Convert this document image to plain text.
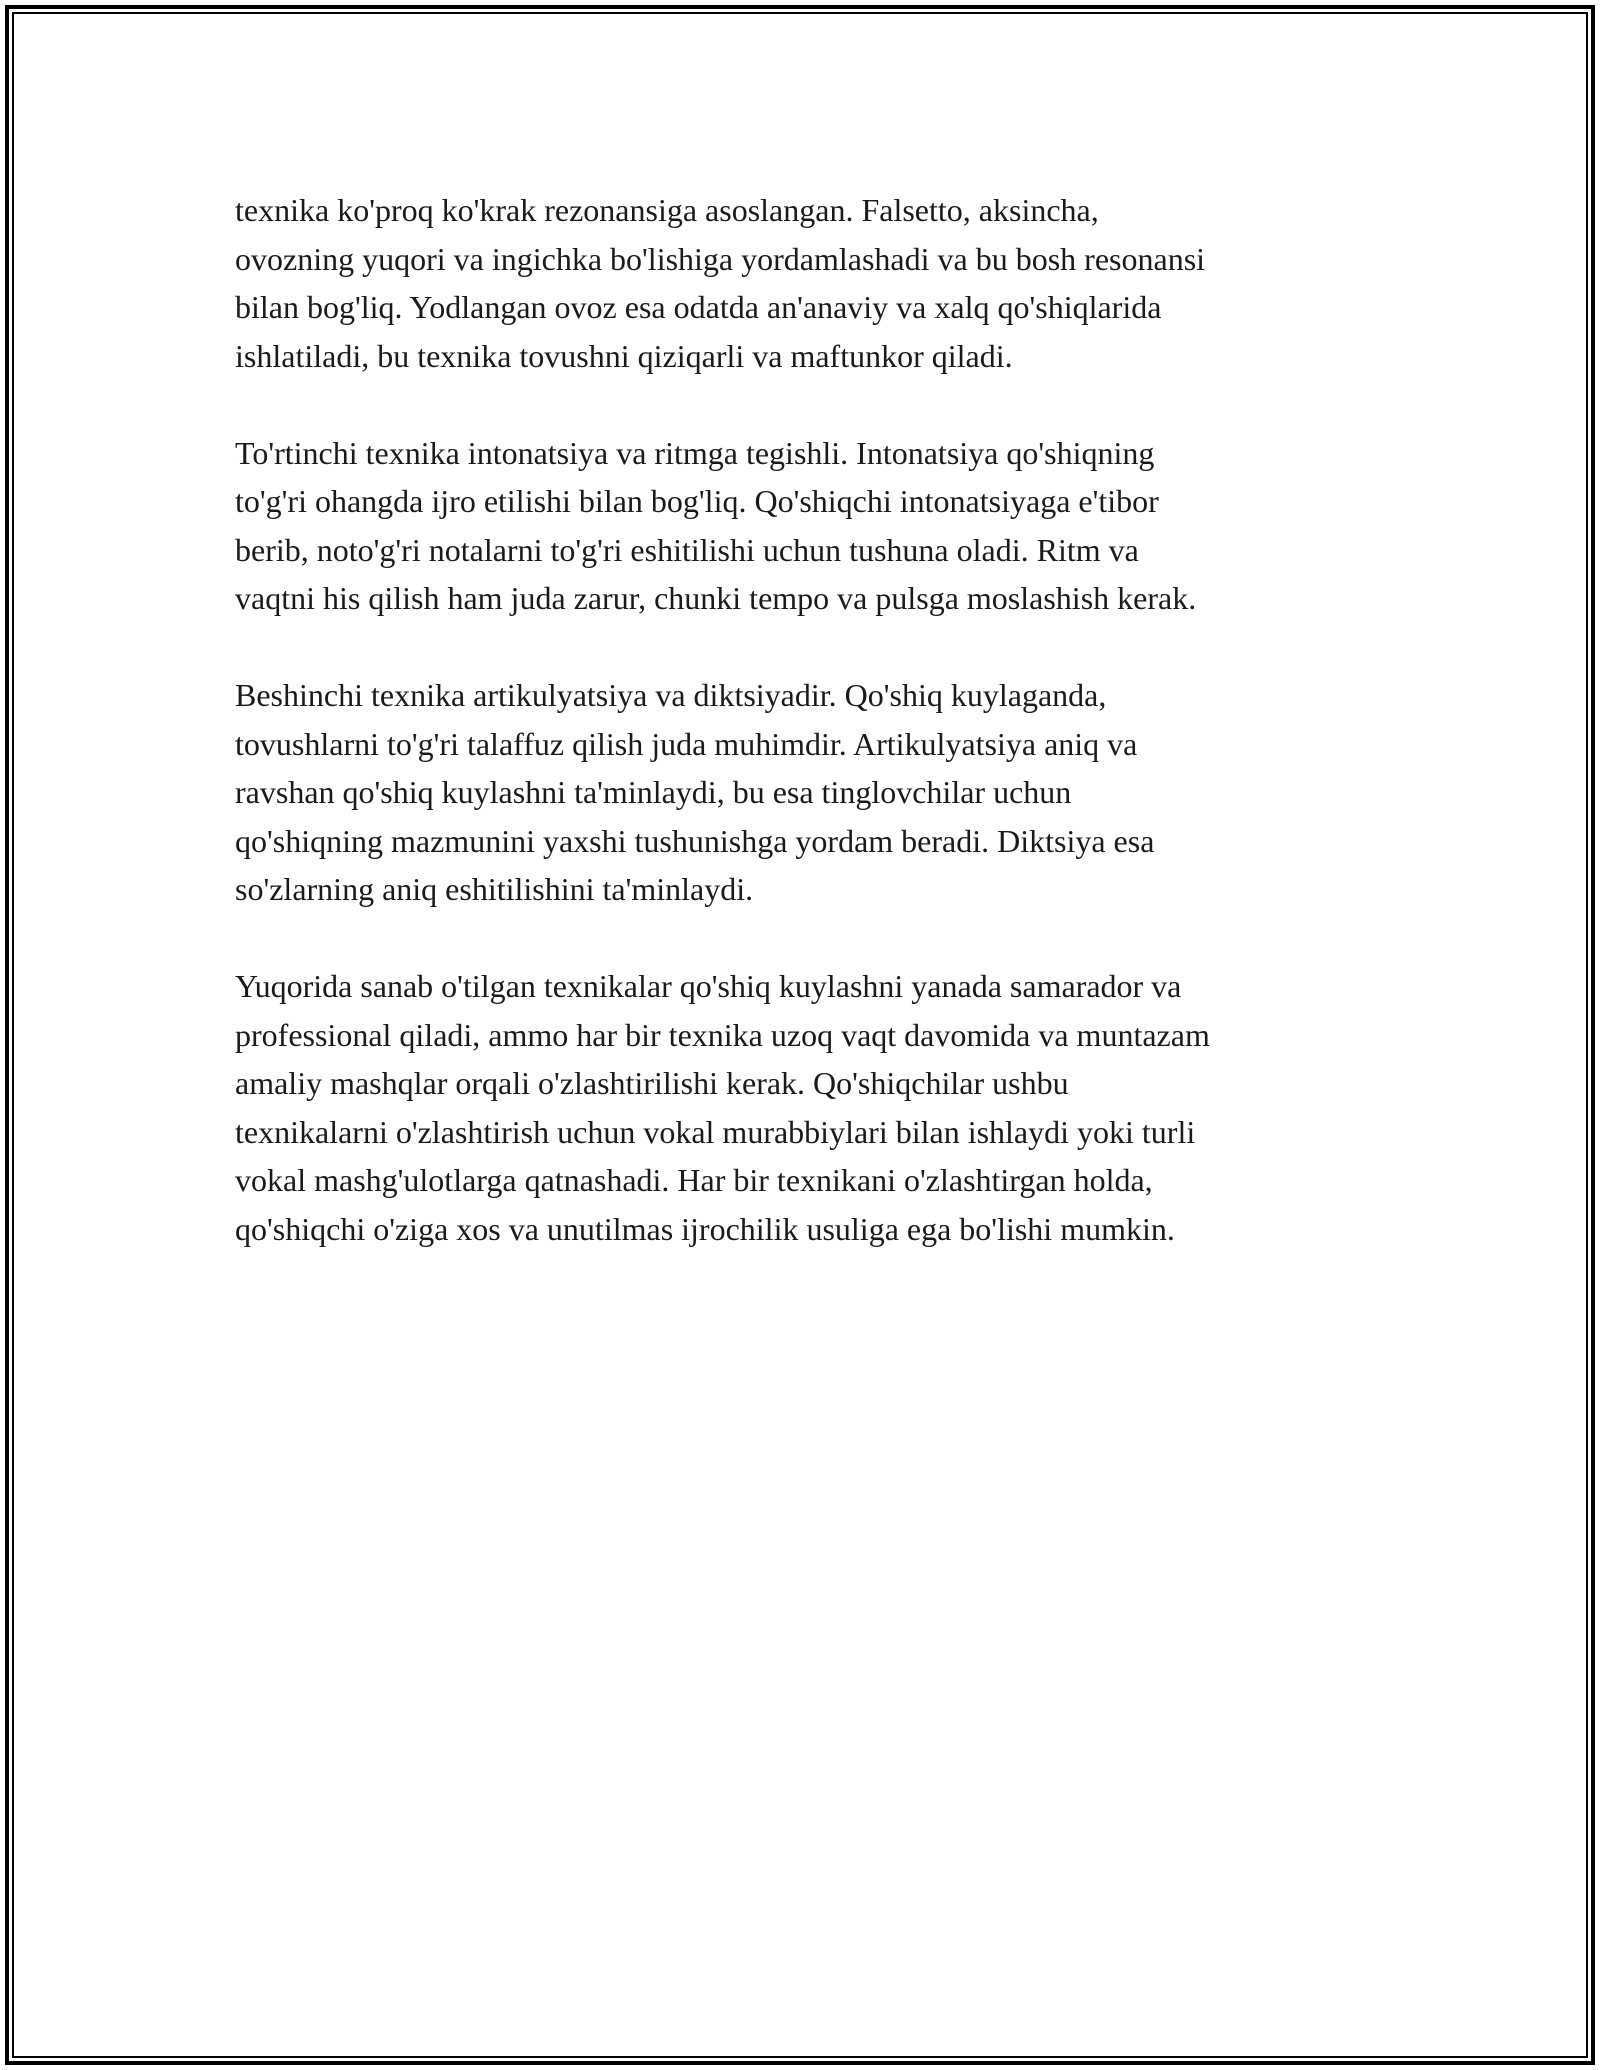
texnika ko'proq ko'krak rezonansiga asoslangan. Falsetto, aksincha,
ovozning yuqori va ingichka bo'lishiga yordamlashadi va bu bosh resonansi
bilan bog'liq. Yodlangan ovoz esa odatda an'anaviy va xalq qo'shiqlarida
ishlatiladi, bu texnika tovushni qiziqarli va maftunkor qiladi.
To'rtinchi texnika intonatsiya va ritmga tegishli. Intonatsiya qo'shiqning
to'g'ri ohangda ijro etilishi bilan bog'liq. Qo'shiqchi intonatsiyaga e'tibor
berib, noto'g'ri notalarni to'g'ri eshitilishi uchun tushuna oladi. Ritm va
vaqtni his qilish ham juda zarur, chunki tempo va pulsga moslashish kerak.
Beshinchi texnika artikulyatsiya va diktsiyadir. Qo'shiq kuylaganda,
tovushlarni to'g'ri talaffuz qilish juda muhimdir. Artikulyatsiya aniq va
ravshan qo'shiq kuylashni ta'minlaydi, bu esa tinglovchilar uchun
qo'shiqning mazmunini yaxshi tushunishga yordam beradi. Diktsiya esa
so'zlarning aniq eshitilishini ta'minlaydi.
Yuqorida sanab o'tilgan texnikalar qo'shiq kuylashni yanada samarador va
professional qiladi, ammo har bir texnika uzoq vaqt davomida va muntazam
amaliy mashqlar orqali o'zlashtirilishi kerak. Qo'shiqchilar ushbu
texnikalarni o'zlashtirish uchun vokal murabbiylari bilan ishlaydi yoki turli
vokal mashg'ulotlarga qatnashadi. Har bir texnikani o'zlashtirgan holda,
qo'shiqchi o'ziga xos va unutilmas ijrochilik usuliga ega bo'lishi mumkin.
